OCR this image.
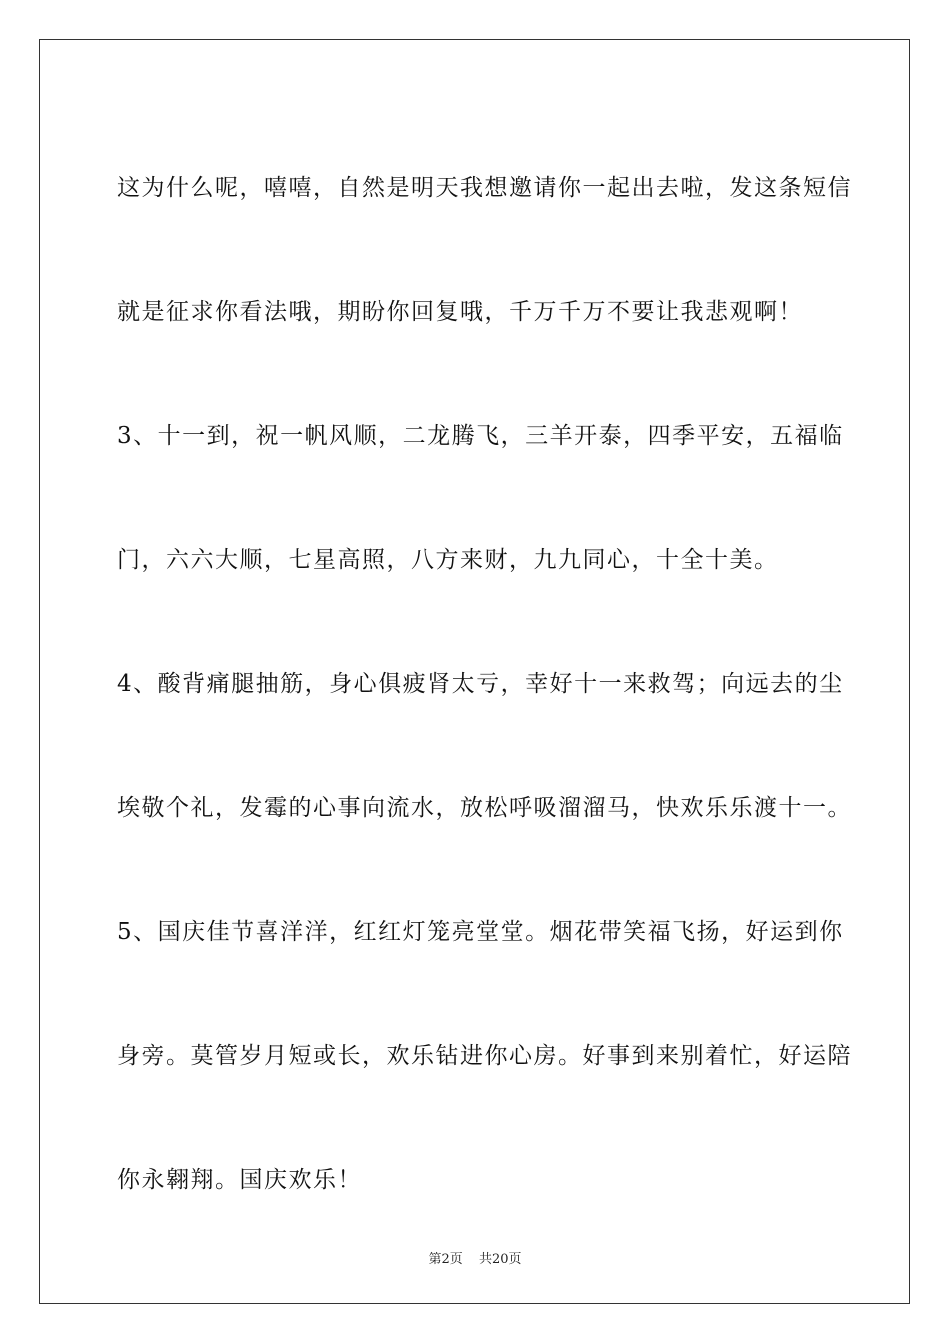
这为什么呢，嘻嘻，自然是明天我想邀请你一起出去啦，发这条短信
就是征求你看法哦，期盼你回复哦，千万千万不要让我悲观啊！
3、十一到，祝一帆风顺，二龙腾飞，三羊开泰，四季平安，五福临
门，六六大顺，七星高照，八方来财，九九同心，十全十美。
4、酸背痛腿抽筋，身心俱疲肾太亏，幸好十一来救驾；向远去的尘
埃敬个礼，发霉的心事向流水，放松呼吸溜溜马，快欢乐乐渡十一。
5、国庆佳节喜洋洋，红红灯笼亮堂堂。烟花带笑福飞扬，好运到你
身旁。莫管岁月短或长，欢乐钻进你心房。好事到来别着忙，好运陪
你永翱翔。国庆欢乐！
第2页 共20页
